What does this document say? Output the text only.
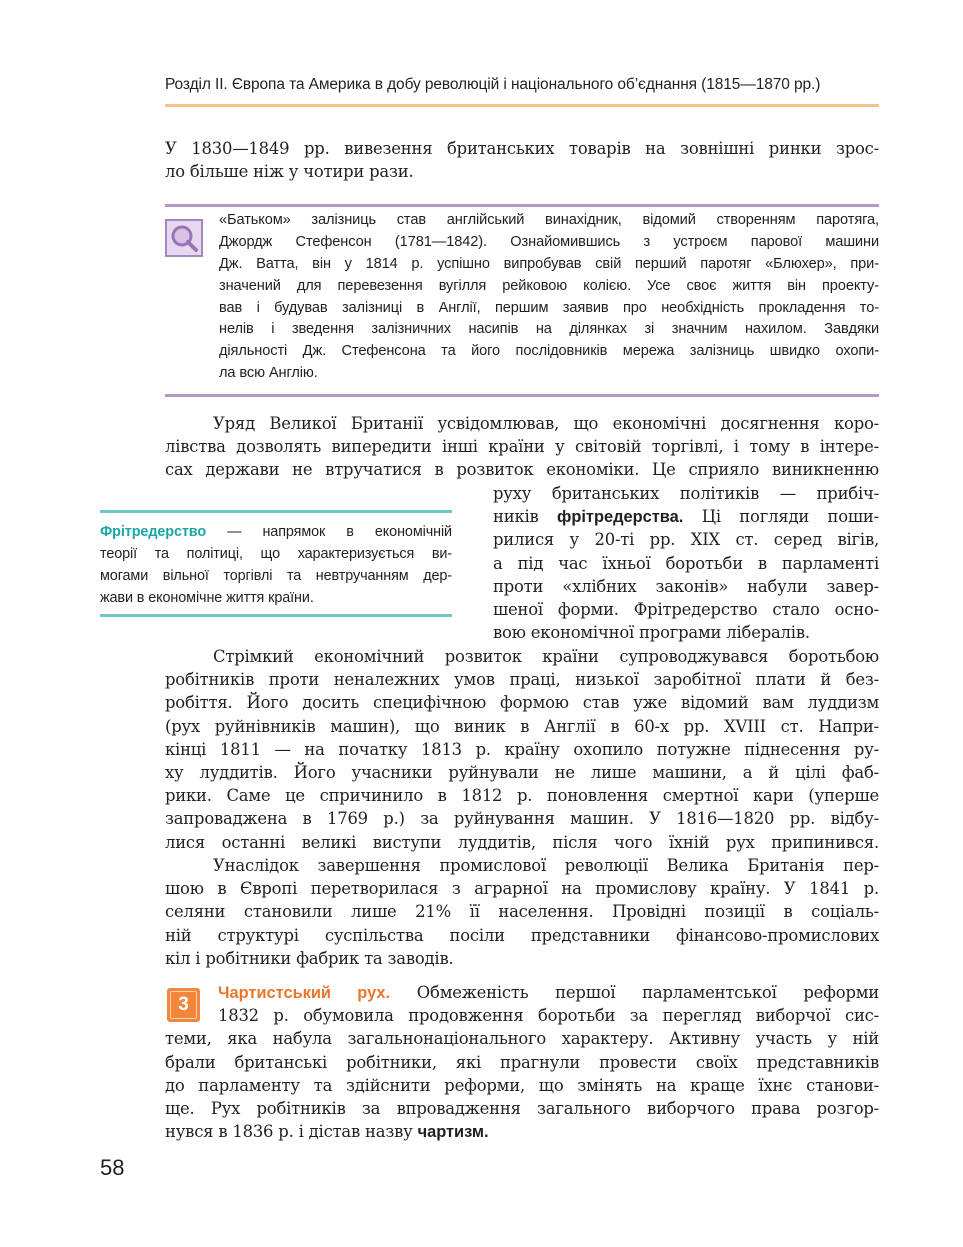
Розділ ІІ. Європа та Америка в добу революцій і національного об’єднання (1815—1870 рр.)
У 1830—1849 рр. вивезення британських товарів на зовнішні ринки зрос-
ло більше ніж у чотири рази.
«Батьком» залізниць став англійський винахідник, відомий створенням паротяга,
Джордж Стефенсон (1781—1842). Ознайомившись з устроєм парової машини
Дж. Ватта, він у 1814 р. успішно випробував свій перший паротяг «Блюхер», при-
значений для перевезення вугілля рейковою колією. Усе своє життя він проекту-
вав і будував залізниці в Англії, першим заявив про необхідність прокладення то-
нелів і зведення залізничних насипів на ділянках зі значним нахилом. Завдяки
діяльності Дж. Стефенсона та його послідовників мережа залізниць швидко охопи-
ла всю Англію.
Уряд Великої Британії усвідомлював, що економічні досягнення коро-
лівства дозволять випередити інші країни у світовій торгівлі, і тому в інтере-
сах держави не втручатися в розвиток економіки. Це сприяло виникненню
руху британських політиків — прибіч-
ників фрітредерства. Ці погляди поши-
рилися у 20-ті рр. XIX ст. серед вігів,
а під час їхньої боротьби в парламенті
проти «хлібних законів» набули завер-
шеної форми. Фрітредерство стало осно-
вою економічної програми лібералів.
Фрітредерство — напрямок в економічній
теорії та політиці, що характеризується ви-
могами вільної торгівлі та невтручанням дер-
жави в економічне життя країни.
Стрімкий економічний розвиток країни супроводжувався боротьбою
робітників проти неналежних умов праці, низької заробітної плати й без-
робіття. Його досить специфічною формою став уже відомий вам луддизм
(рух руйнівників машин), що виник в Англії в 60-х рр. XVIII ст. Напри-
кінці 1811 — на початку 1813 р. країну охопило потужне піднесення ру-
ху луддитів. Його учасники руйнували не лише машини, а й цілі фаб-
рики. Саме це спричинило в 1812 р. поновлення смертної кари (уперше
запроваджена в 1769 р.) за руйнування машин. У 1816—1820 рр. відбу-
лися останні великі виступи луддитів, після чого їхній рух припинився.
Унаслідок завершення промислової революції Велика Британія пер-
шою в Європі перетворилася з аграрної на промислову країну. У 1841 р.
селяни становили лише 21% її населення. Провідні позиції в соціаль-
ній структурі суспільства посіли представники фінансово-промислових
кіл і робітники фабрик та заводів.
3
Чартистський рух. Обмеженість першої парламентської реформи
1832 р. обумовила продовження боротьби за перегляд виборчої сис-
теми, яка набула загальнонаціонального характеру. Активну участь у ній
брали британські робітники, які прагнули провести своїх представників
до парламенту та здійснити реформи, що змінять на краще їхнє станови-
ще. Рух робітників за впровадження загального виборчого права розгор-
нувся в 1836 р. і дістав назву чартизм.
58
